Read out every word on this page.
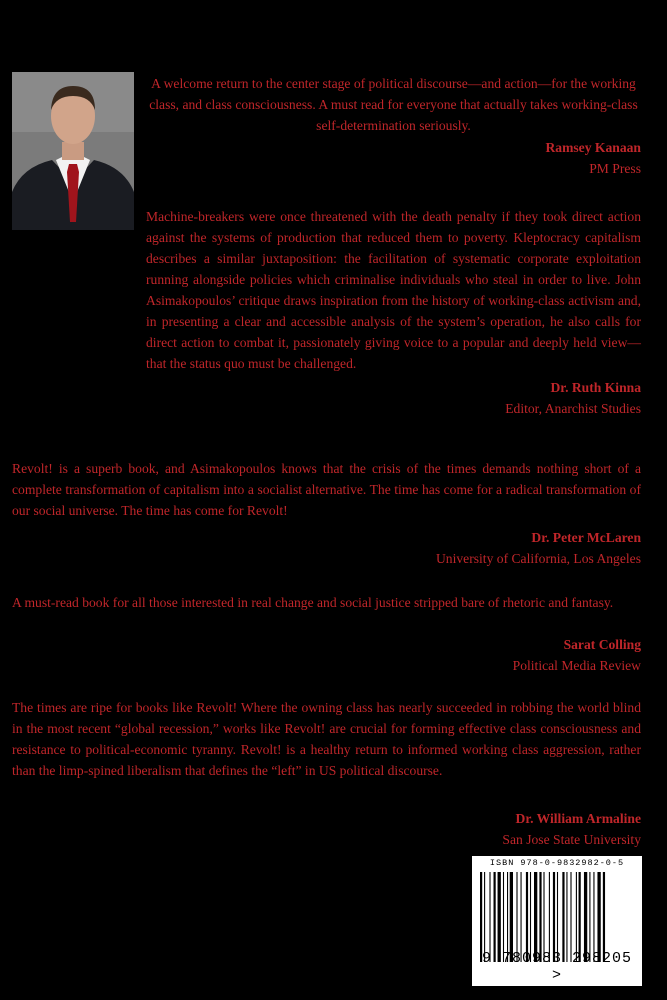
A welcome return to the center stage of political discourse—and action—for the working class, and class consciousness. A must read for everyone that actually takes working-class self-determination seriously.

Ramsey Kanaan
PM Press

Machine-breakers were once threatened with the death penalty if they took direct action against the systems of production that reduced them to poverty. Kleptocracy capitalism describes a similar juxtaposition: the facilitation of systematic corporate exploitation running alongside policies which criminalise individuals who steal in order to live. John Asimakopoulos’ critique draws inspiration from the history of working-class activism and, in presenting a clear and accessible analysis of the system’s operation, he also calls for direct action to combat it, passionately giving voice to a popular and deeply held view—that the status quo must be challenged.

Dr. Ruth Kinna
Editor, Anarchist Studies

Revolt! is a superb book, and Asimakopoulos knows that the crisis of the times demands nothing short of a complete transformation of capitalism into a socialist alternative. The time has come for a radical transformation of our social universe. The time has come for Revolt!

Dr. Peter McLaren
University of California, Los Angeles

A must-read book for all those interested in real change and social justice stripped bare of rhetoric and fantasy.

Sarat Colling
Political Media Review

The times are ripe for books like Revolt! Where the owning class has nearly succeeded in robbing the world blind in the most recent “global recession,” works like Revolt! are crucial for forming effective class consciousness and resistance to political-economic tyranny. Revolt! is a healthy return to informed working class aggression, rather than the limp-spined liberalism that defines the “left” in US political discourse.

Dr. William Armaline
San Jose State University
ISBN 978-0-9832982-0-5
9 780983 298205 >
